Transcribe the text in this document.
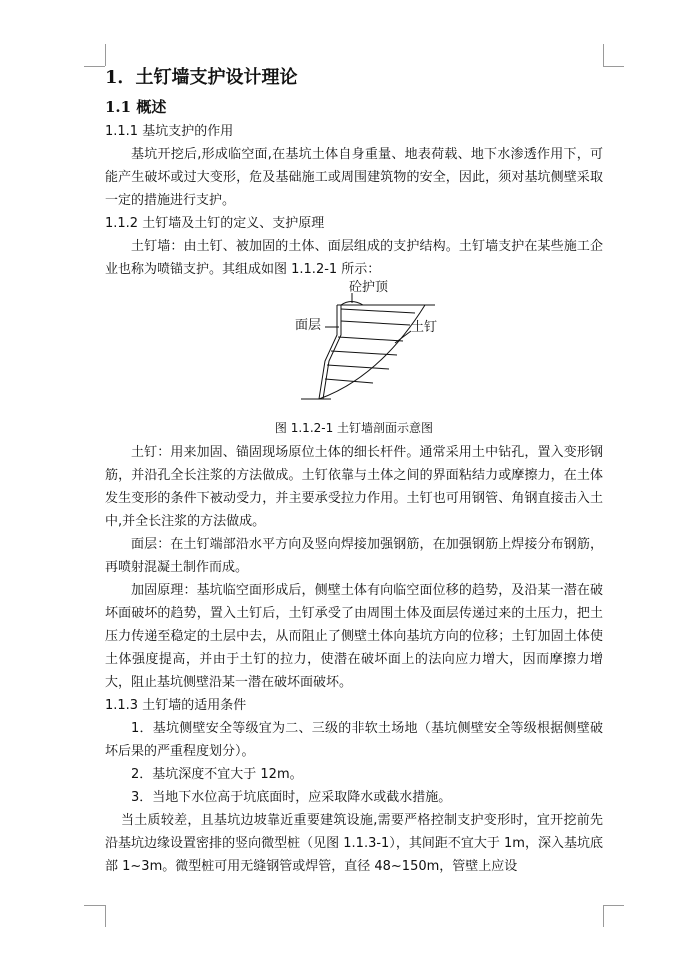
1．土钉墙支护设计理论
1.1 概述
1.1.1 基坑支护的作用

基坑开挖后,形成临空面,在基坑土体自身重量、地表荷载、地下水渗透作用下，可能产生破坏或过大变形，危及基础施工或周围建筑物的安全，因此，须对基坑侧壁采取一定的措施进行支护。

1.1.2 土钉墙及土钉的定义、支护原理

土钉墙：由土钉、被加固的土体、面层组成的支护结构。土钉墙支护在某些施工企业也称为喷锚支护。其组成如图 1.1.2-1 所示：

砼护顶
面层	土钉
图 1.1.2-1 土钉墙剖面示意图

土钉：用来加固、锚固现场原位土体的细长杆件。通常采用土中钻孔，置入变形钢筋，并沿孔全长注浆的方法做成。土钉依靠与土体之间的界面粘结力或摩擦力，在土体发生变形的条件下被动受力，并主要承受拉力作用。土钉也可用钢管、角钢直接击入土中,并全长注浆的方法做成。

面层：在土钉端部沿水平方向及竖向焊接加强钢筋，在加强钢筋上焊接分布钢筋，再喷射混凝土制作而成。

加固原理：基坑临空面形成后，侧壁土体有向临空面位移的趋势，及沿某一潜在破坏面破坏的趋势，置入土钉后，土钉承受了由周围土体及面层传递过来的土压力，把土压力传递至稳定的土层中去，从而阻止了侧壁土体向基坑方向的位移；土钉加固土体使土体强度提高，并由于土钉的拉力，使潜在破坏面上的法向应力增大，因而摩擦力增大，阻止基坑侧壁沿某一潜在破坏面破坏。

1.1.3 土钉墙的适用条件

1．基坑侧壁安全等级宜为二、三级的非软土场地（基坑侧壁安全等级根据侧壁破坏后果的严重程度划分）。

2．基坑深度不宜大于 12m。

3．当地下水位高于坑底面时，应采取降水或截水措施。

当土质较差，且基坑边坡靠近重要建筑设施,需要严格控制支护变形时，宜开挖前先沿基坑边缘设置密排的竖向微型桩（见图 1.1.3-1），其间距不宜大于 1m，深入基坑底部 1~3m。微型桩可用无缝钢管或焊管，直径 48~150m，管壁上应设
